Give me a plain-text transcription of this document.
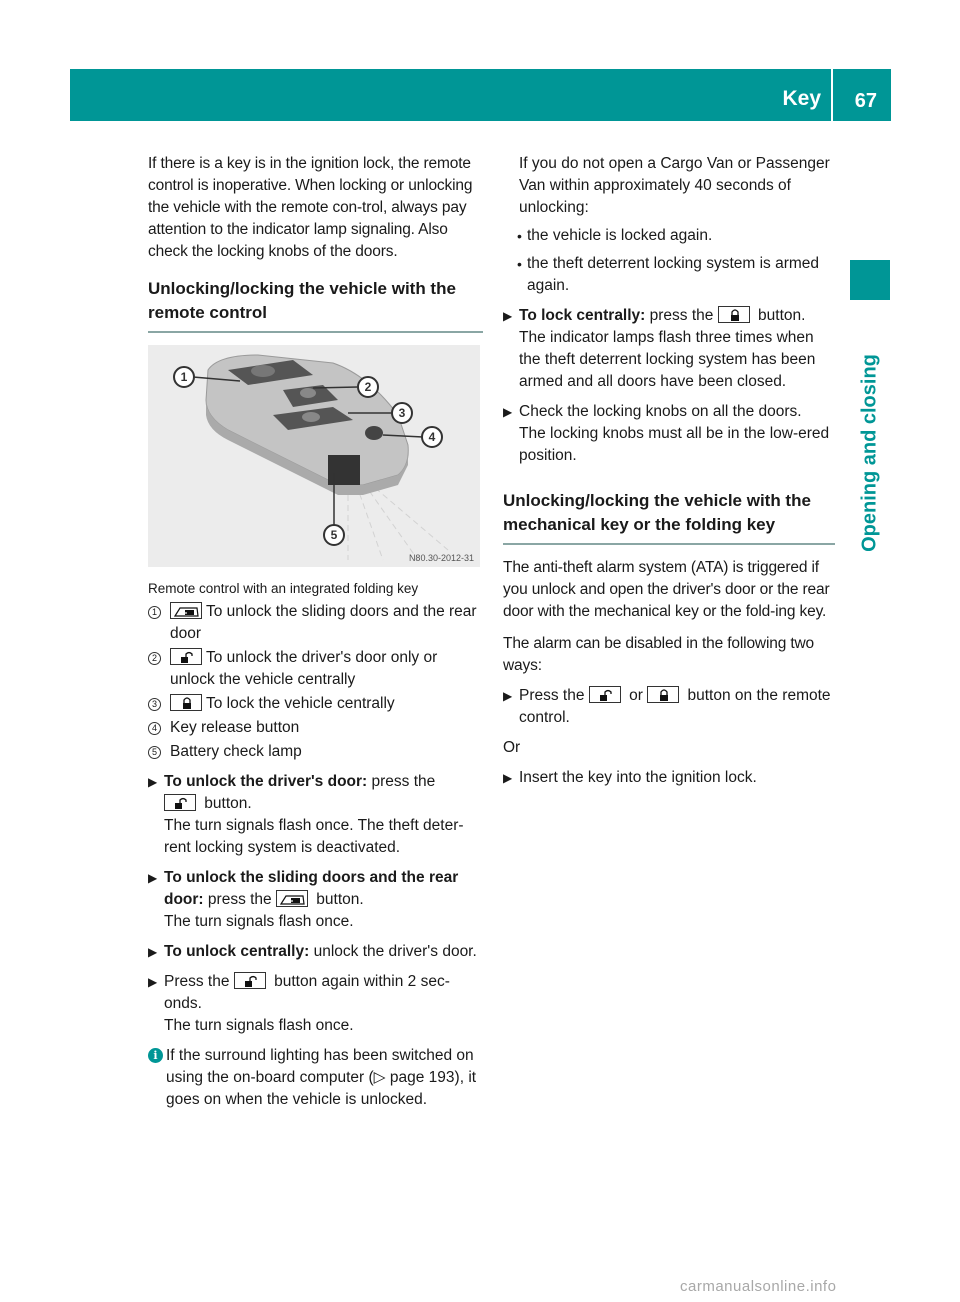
Key 67
Opening and closing

If there is a key is in the ignition lock, the remote control is inoperative. When locking or unlocking the vehicle with the remote con-trol, always pay attention to the indicator lamp signaling. Also check the locking knobs of the doors.

Unlocking/locking the vehicle with the remote control
1
2
3
4
5
N80.30-2012-31

Remote control with an integrated folding key

1	To unlock the sliding doors and the rear door
2	To unlock the driver's door only or unlock the vehicle centrally
3	To lock the vehicle centrally
4 Key release button
5 Battery check lamp
▶ To unlock the driver's door: press the

button.
The turn signals flash once. The theft deter-rent locking system is deactivated.
▶ To unlock the sliding doors and the rear door: press the	button.
The turn signals flash once.
▶ To unlock centrally: unlock the driver's door.
▶ Press the	button again within 2 sec-onds.
The turn signals flash once.
i If the surround lighting has been switched on using the on-board computer (▷ page 193), it goes on when the vehicle is unlocked.

If you do not open a Cargo Van or Passenger Van within approximately 40 seconds of unlocking:

• the vehicle is locked again.
• the theft deterrent locking system is armed again.
▶ To lock centrally: press the	button.
The indicator lamps flash three times when the theft deterrent locking system has been armed and all doors have been closed.
▶ Check the locking knobs on all the doors.
The locking knobs must all be in the low-ered position.
Unlocking/locking the vehicle with the mechanical key or the folding key

The anti-theft alarm system (ATA) is triggered if you unlock and open the driver's door or the rear door with the mechanical key or the fold-ing key.

The alarm can be disabled in the following two ways:

▶ Press the	or	button on the remote control.

Or

▶ Insert the key into the ignition lock.
carmanualsonline.info
